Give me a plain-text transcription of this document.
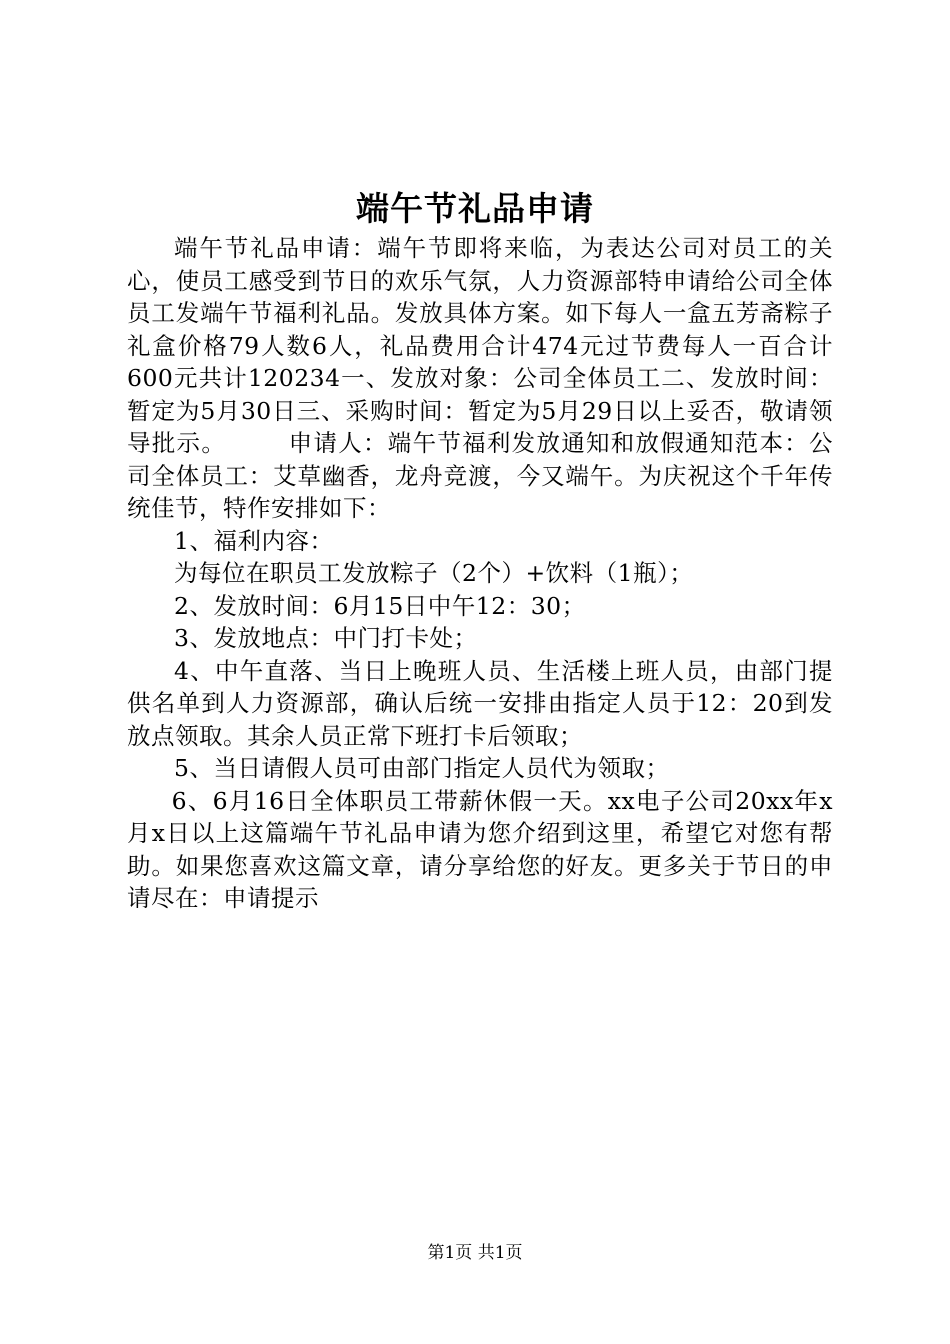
端午节礼品申请

端午节礼品申请：端午节即将来临，为表达公司对员工的关心，使员工感受到节日的欢乐气氛，人力资源部特申请给公司全体员工发端午节福利礼品。发放具体方案。如下每人一盒五芳斋粽子礼盒价格79人数6人，礼品费用合计474元过节费每人一百合计600元共计120234一、发放对象：公司全体员工二、发放时间：暂定为5月30日三、采购时间：暂定为5月29日以上妥否，敬请领导批示。　　　申请人：端午节福利发放通知和放假通知范本：公司全体员工：艾草幽香，龙舟竞渡，今又端午。为庆祝这个千年传统佳节，特作安排如下：

1、福利内容：

为每位在职员工发放粽子（2个）+饮料（1瓶）；

2、发放时间：6月15日中午12：30；

3、发放地点：中门打卡处；

4、中午直落、当日上晚班人员、生活楼上班人员，由部门提供名单到人力资源部，确认后统一安排由指定人员于12：20到发放点领取。其余人员正常下班打卡后领取；

5、当日请假人员可由部门指定人员代为领取；

6、6月16日全体职员工带薪休假一天。xx电子公司20xx年x月x日以上这篇端午节礼品申请为您介绍到这里，希望它对您有帮助。如果您喜欢这篇文章，请分享给您的好友。更多关于节日的申请尽在：申请提示

第1页 共1页
